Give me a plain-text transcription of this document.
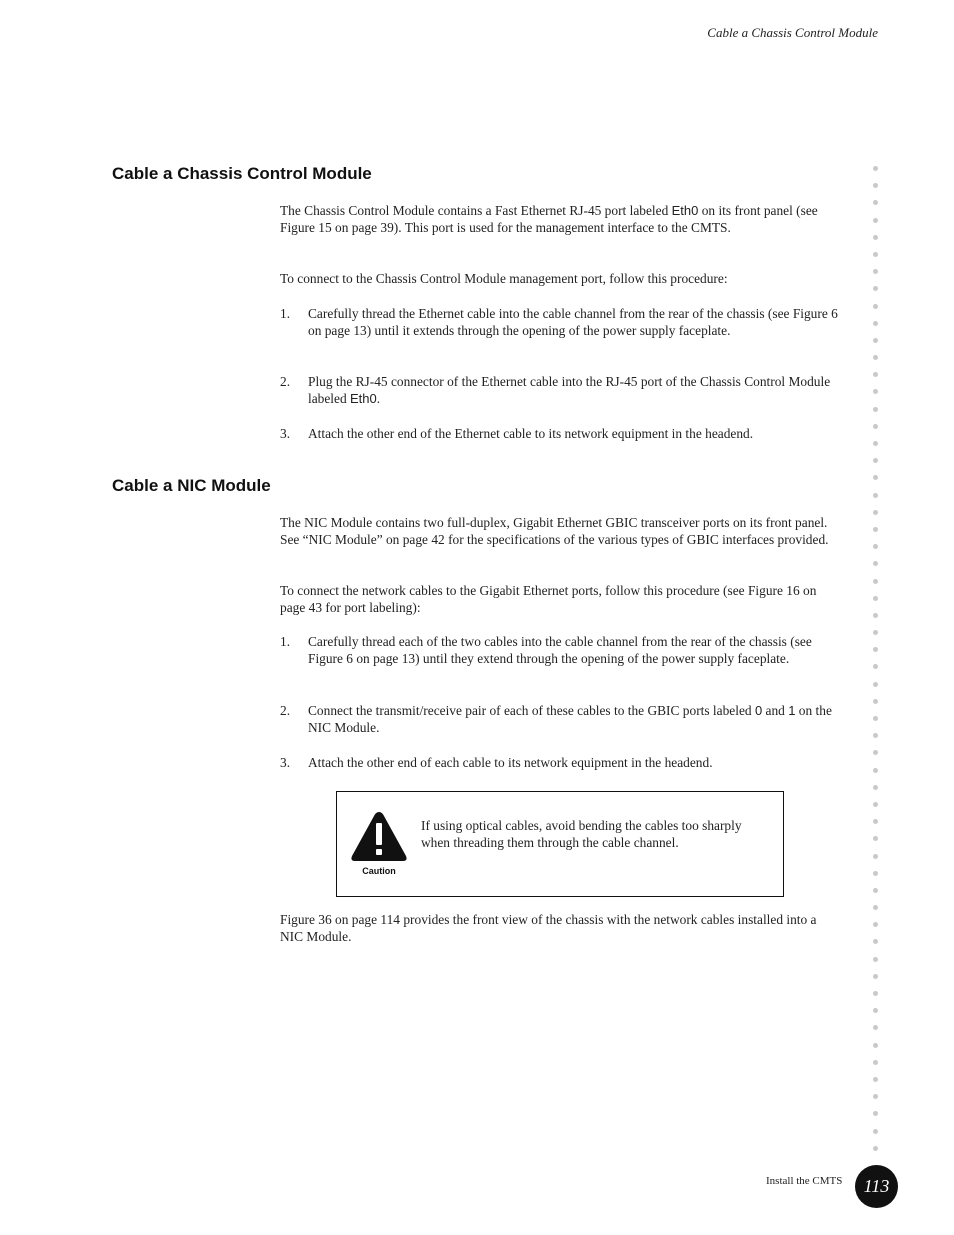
Cable a Chassis Control Module
Cable a Chassis Control Module

The Chassis Control Module contains a Fast Ethernet RJ-45 port labeled Eth0 on its front panel (see Figure 15 on page 39). This port is used for the management interface to the CMTS.

To connect to the Chassis Control Module management port, follow this procedure:

1. Carefully thread the Ethernet cable into the cable channel from the rear of the chassis (see Figure 6 on page 13) until it extends through the opening of the power supply faceplate.
2. Plug the RJ-45 connector of the Ethernet cable into the RJ-45 port of the Chassis Control Module labeled Eth0.
3. Attach the other end of the Ethernet cable to its network equipment in the headend.
Cable a NIC Module

The NIC Module contains two full-duplex, Gigabit Ethernet GBIC transceiver ports on its front panel. See “NIC Module” on page 42 for the specifications of the various types of GBIC interfaces provided.

To connect the network cables to the Gigabit Ethernet ports, follow this procedure (see Figure 16 on page 43 for port labeling):

1. Carefully thread each of the two cables into the cable channel from the rear of the chassis (see Figure 6 on page 13) until they extend through the opening of the power supply faceplate.
2. Connect the transmit/receive pair of each of these cables to the GBIC ports labeled 0 and 1 on the NIC Module.
3. Attach the other end of each cable to its network equipment in the headend.
Caution
If using optical cables, avoid bending the cables too sharply when threading them through the cable channel.

Figure 36 on page 114 provides the front view of the chassis with the network cables installed into a NIC Module.

Install the CMTS	113
